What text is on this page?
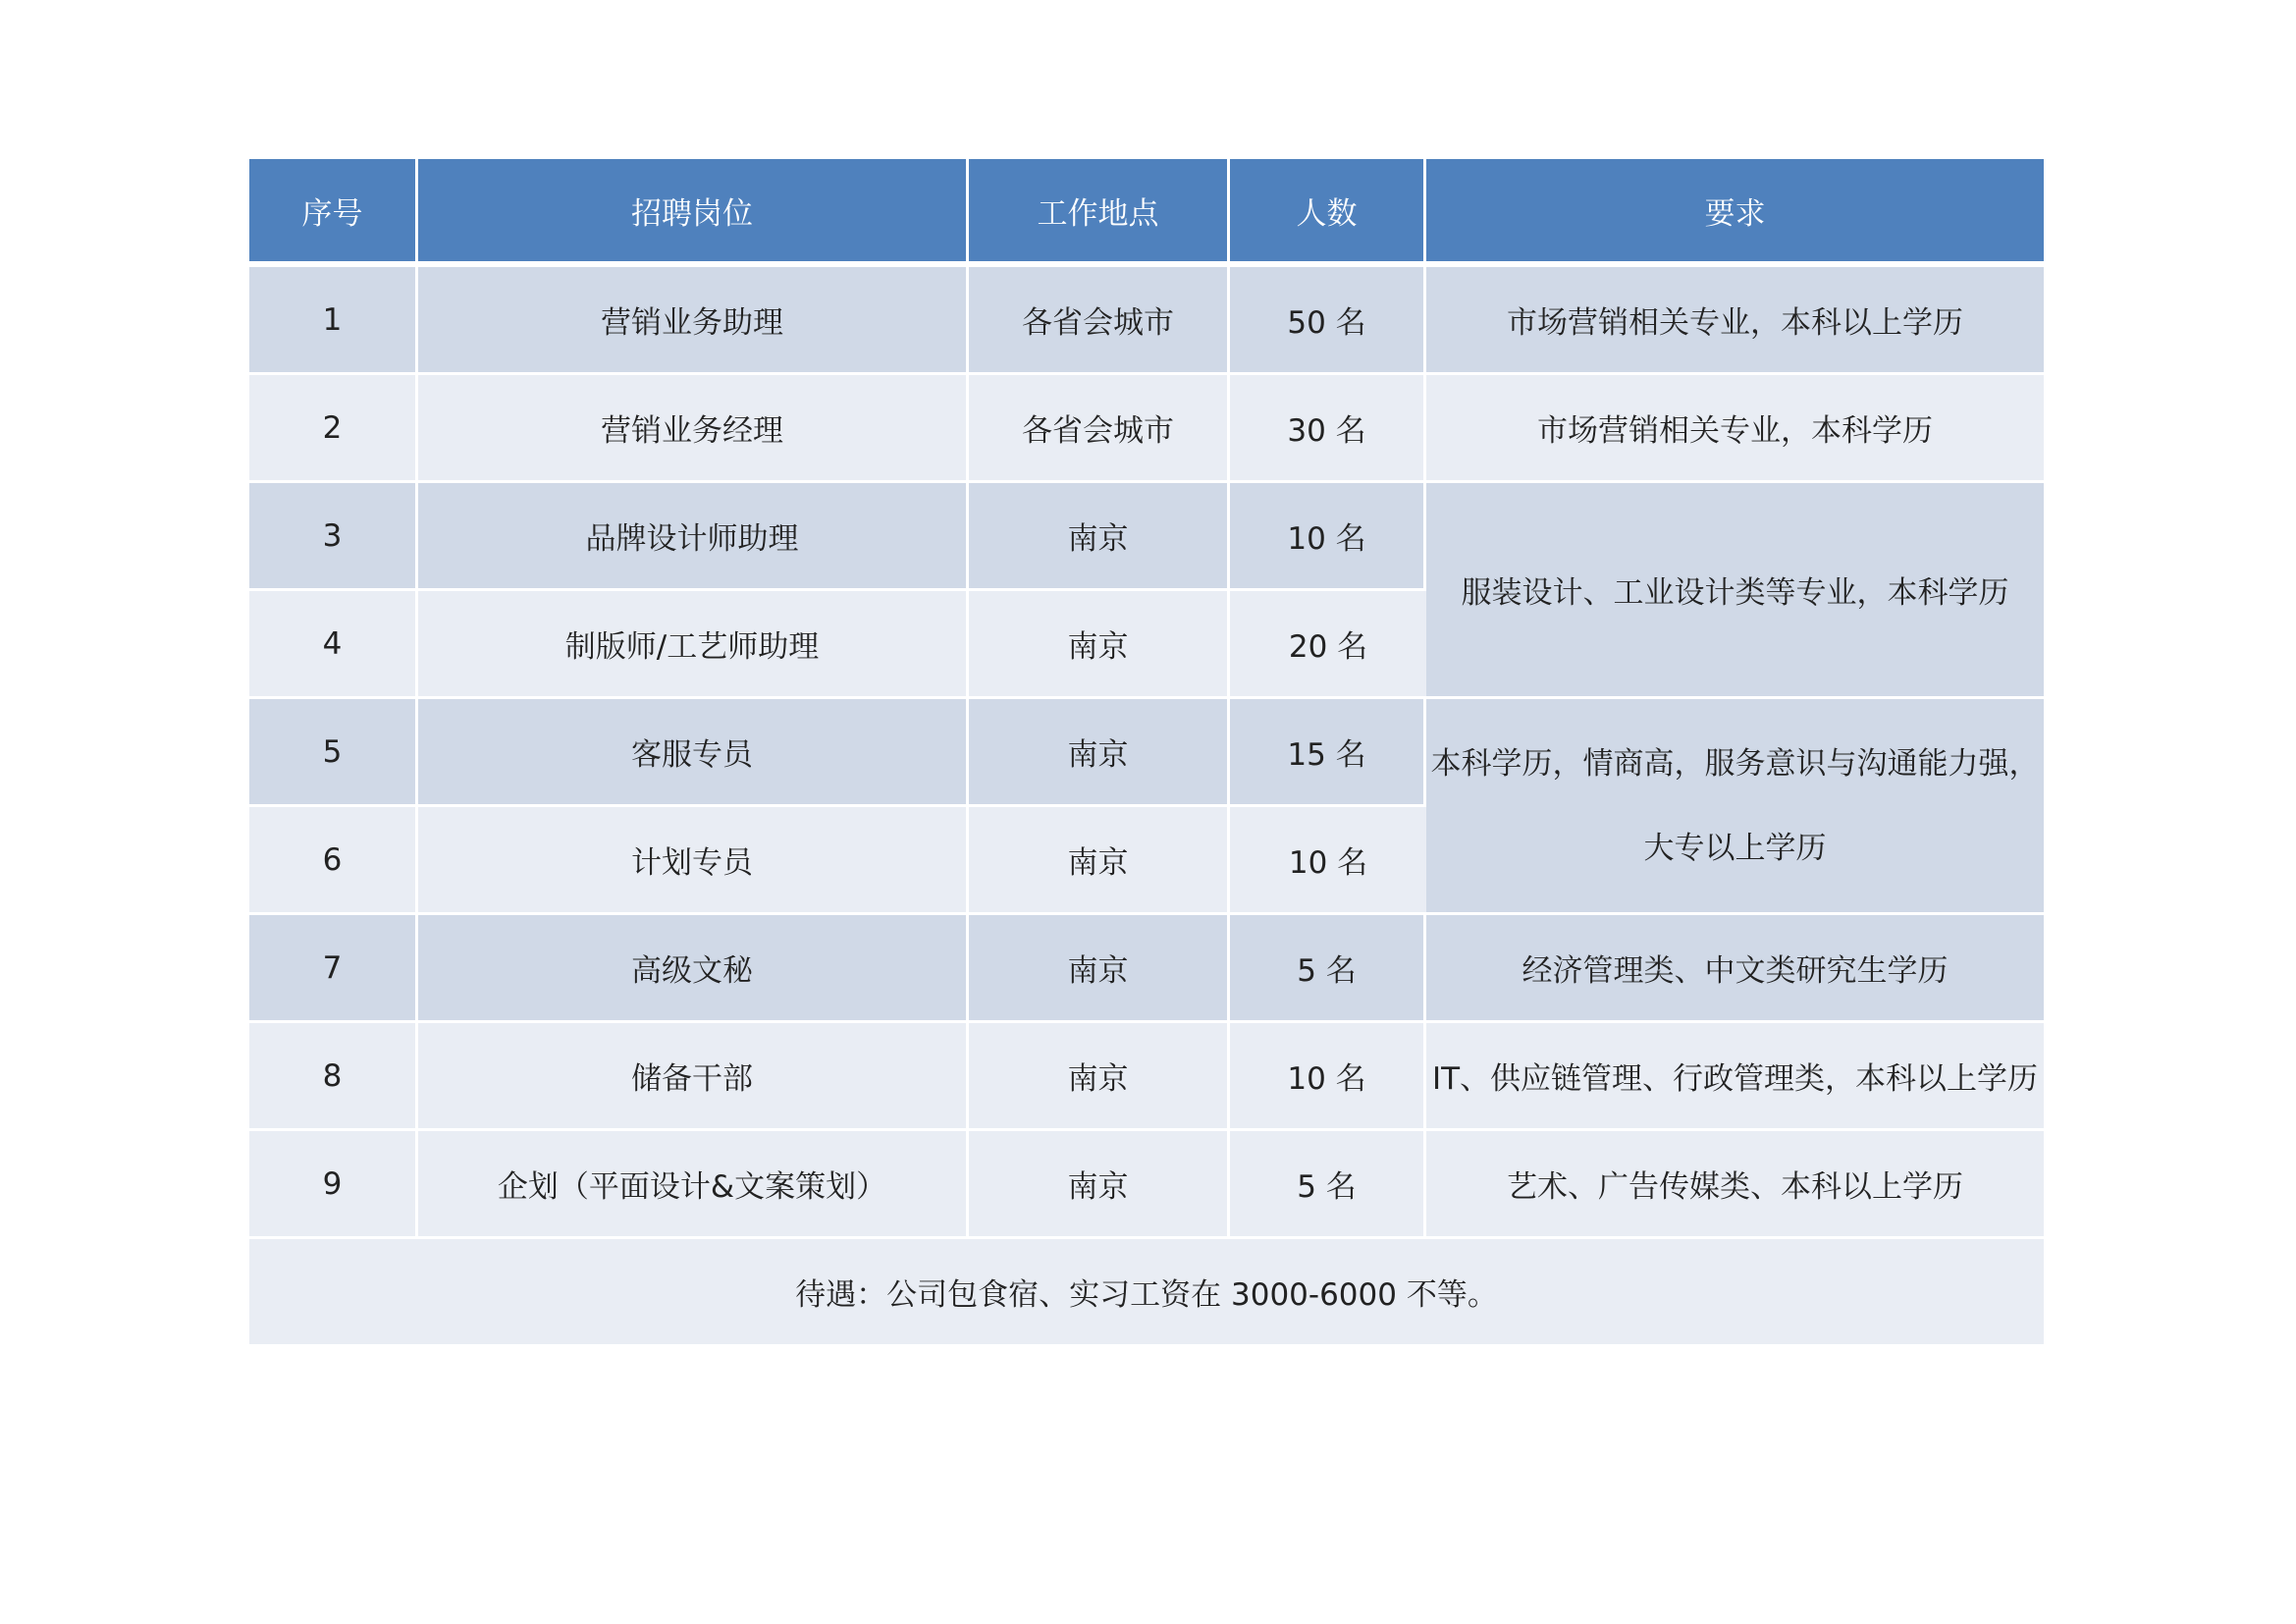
序号	招聘岗位	工作地点	人数	要求
1	营销业务助理	各省会城市	50 名	市场营销相关专业，本科以上学历
2	营销业务经理	各省会城市	30 名	市场营销相关专业，本科学历
3	品牌设计师助理	南京	10 名	服装设计、工业设计类等专业，本科学历
4	制版师/工艺师助理	南京	20 名	
5	客服专员	南京	15 名	本科学历，情商高，服务意识与沟通能力强，
大专以上学历

6	计划专员	南京	10 名	
7	高级文秘	南京	5 名	经济管理类、中文类研究生学历
8	储备干部	南京	10 名	IT、供应链管理、行政管理类，本科以上学历
9	企划（平面设计&文案策划）	南京	5 名	艺术、广告传媒类、本科以上学历
待遇：公司包食宿、实习工资在 3000-6000 不等。				
